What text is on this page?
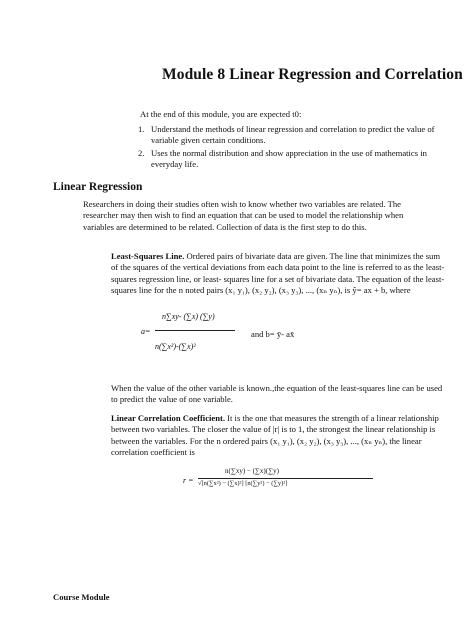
Module 8 Linear Regression and Correlation
At the end of this module, you are expected t0:
1. Understand the methods of linear regression and correlation to predict the value of variable given certain conditions.
2. Uses the normal distribution and show appreciation in the use of mathematics in everyday life.
Linear Regression
Researchers in doing their studies often wish to know whether two variables are related. The researcher may then wish to find an equation that can be used to model the relationship when variables are determined to be related. Collection of data is the first step to do this.
Least-Squares Line. Ordered pairs of bivariate data are given. The line that minimizes the sum of the squares of the vertical deviations from each data point to the line is referred to as the least-squares regression line, or least- squares line for a set of bivariate data. The equation of the least-squares line for the n noted pairs (x₁ y₁), (x₂ y₂), (x₃ y₃), ..., (xₙ yₙ), is ŷ= ax + b, where
a=
n∑xy- (∑x) (∑y)
n(∑x²)-(∑x)²
and b= ȳ- ax̄
When the value of the other variable is known.,the equation of the least-squares line can be used to predict the value of one variable.
Linear Correlation Coefficient. It is the one that measures the strength of a linear relationship between two variables. The closer the value of |r| is to 1, the strongest the linear relationship is between the variables. For the n ordered pairs (x₁ y₁), (x₂ y₂), (x₃ y₃), ..., (xₙ yₙ), the linear correlation coefficient is
r =
n(∑xy) − (∑x)(∑y)
√[n(∑x²) − (∑x)²] [n(∑y²) − (∑y)²]
Course Module
